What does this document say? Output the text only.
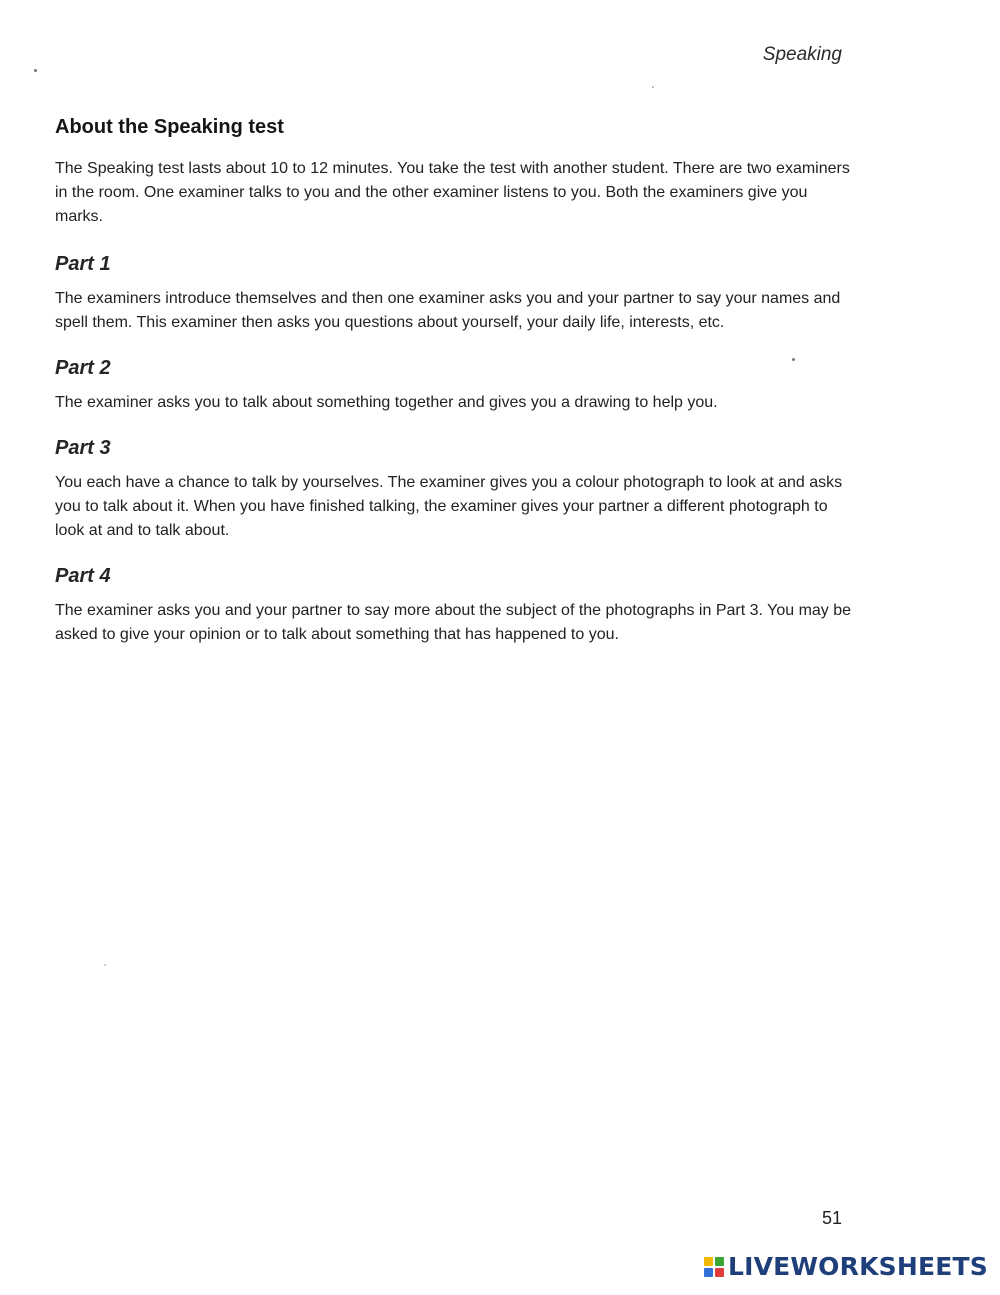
Speaking
About the Speaking test

The Speaking test lasts about 10 to 12 minutes. You take the test with another student. There are two examiners in the room. One examiner talks to you and the other examiner listens to you. Both the examiners give you marks.

Part 1

The examiners introduce themselves and then one examiner asks you and your partner to say your names and spell them. This examiner then asks you questions about yourself, your daily life, interests, etc.

Part 2

The examiner asks you to talk about something together and gives you a drawing to help you.

Part 3

You each have a chance to talk by yourselves. The examiner gives you a colour photograph to look at and asks you to talk about it. When you have finished talking, the examiner gives your partner a different photograph to look at and to talk about.

Part 4

The examiner asks you and your partner to say more about the subject of the photographs in Part 3. You may be asked to give your opinion or to talk about something that has happened to you.

51
LIVEWORKSHEETS
